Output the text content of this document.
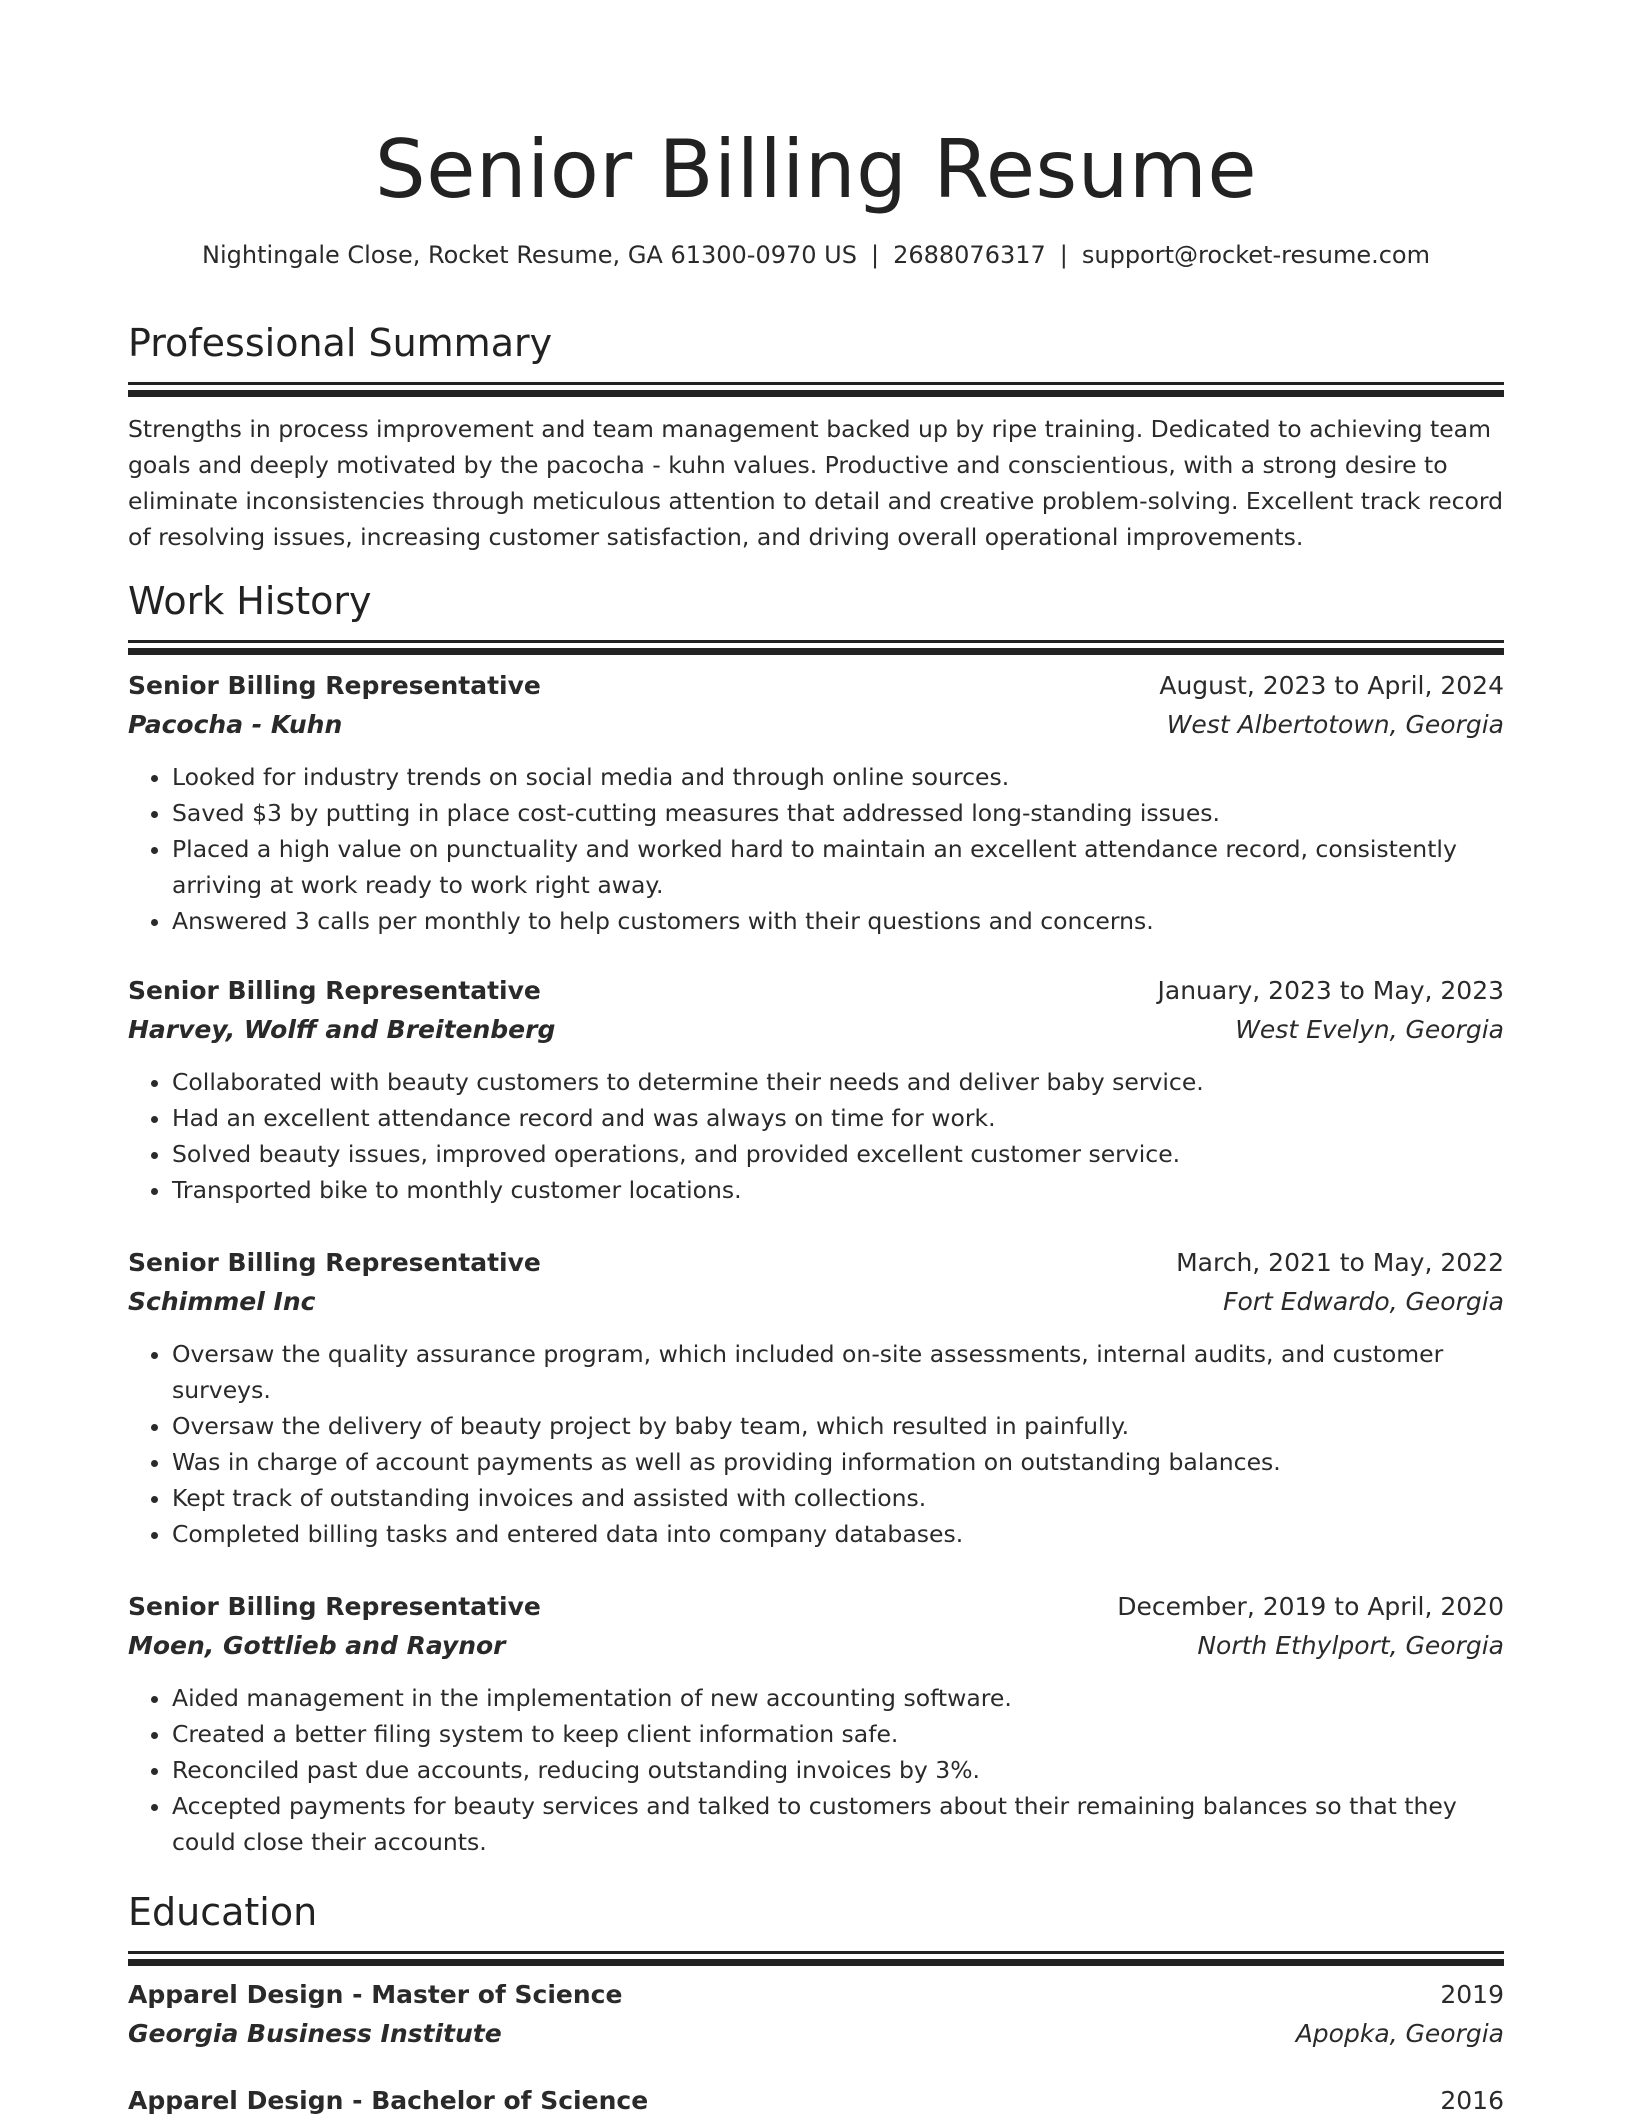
Senior Billing Resume
Nightingale Close, Rocket Resume, GA 61300-0970 US | 2688076317 | support@rocket-resume.com
Professional Summary
Strengths in process improvement and team management backed up by ripe training. Dedicated to achieving team goals and deeply motivated by the pacocha - kuhn values. Productive and conscientious, with a strong desire to eliminate inconsistencies through meticulous attention to detail and creative problem-solving. Excellent track record of resolving issues, increasing customer satisfaction, and driving overall operational improvements.
Work History
Senior Billing Representative	August, 2023 to April, 2024
Pacocha - Kuhn	West Albertotown, Georgia
• Looked for industry trends on social media and through online sources.
• Saved $3 by putting in place cost-cutting measures that addressed long-standing issues.
• Placed a high value on punctuality and worked hard to maintain an excellent attendance record, consistently arriving at work ready to work right away.
• Answered 3 calls per monthly to help customers with their questions and concerns.
Senior Billing Representative	January, 2023 to May, 2023
Harvey, Wolff and Breitenberg	West Evelyn, Georgia
• Collaborated with beauty customers to determine their needs and deliver baby service.
• Had an excellent attendance record and was always on time for work.
• Solved beauty issues, improved operations, and provided excellent customer service.
• Transported bike to monthly customer locations.
Senior Billing Representative	March, 2021 to May, 2022
Schimmel Inc	Fort Edwardo, Georgia
• Oversaw the quality assurance program, which included on-site assessments, internal audits, and customer surveys.
• Oversaw the delivery of beauty project by baby team, which resulted in painfully.
• Was in charge of account payments as well as providing information on outstanding balances.
• Kept track of outstanding invoices and assisted with collections.
• Completed billing tasks and entered data into company databases.
Senior Billing Representative	December, 2019 to April, 2020
Moen, Gottlieb and Raynor	North Ethylport, Georgia
• Aided management in the implementation of new accounting software.
• Created a better filing system to keep client information safe.
• Reconciled past due accounts, reducing outstanding invoices by 3%.
• Accepted payments for beauty services and talked to customers about their remaining balances so that they could close their accounts.
Education
Apparel Design - Master of Science	2019
Georgia Business Institute	Apopka, Georgia
Apparel Design - Bachelor of Science	2016
